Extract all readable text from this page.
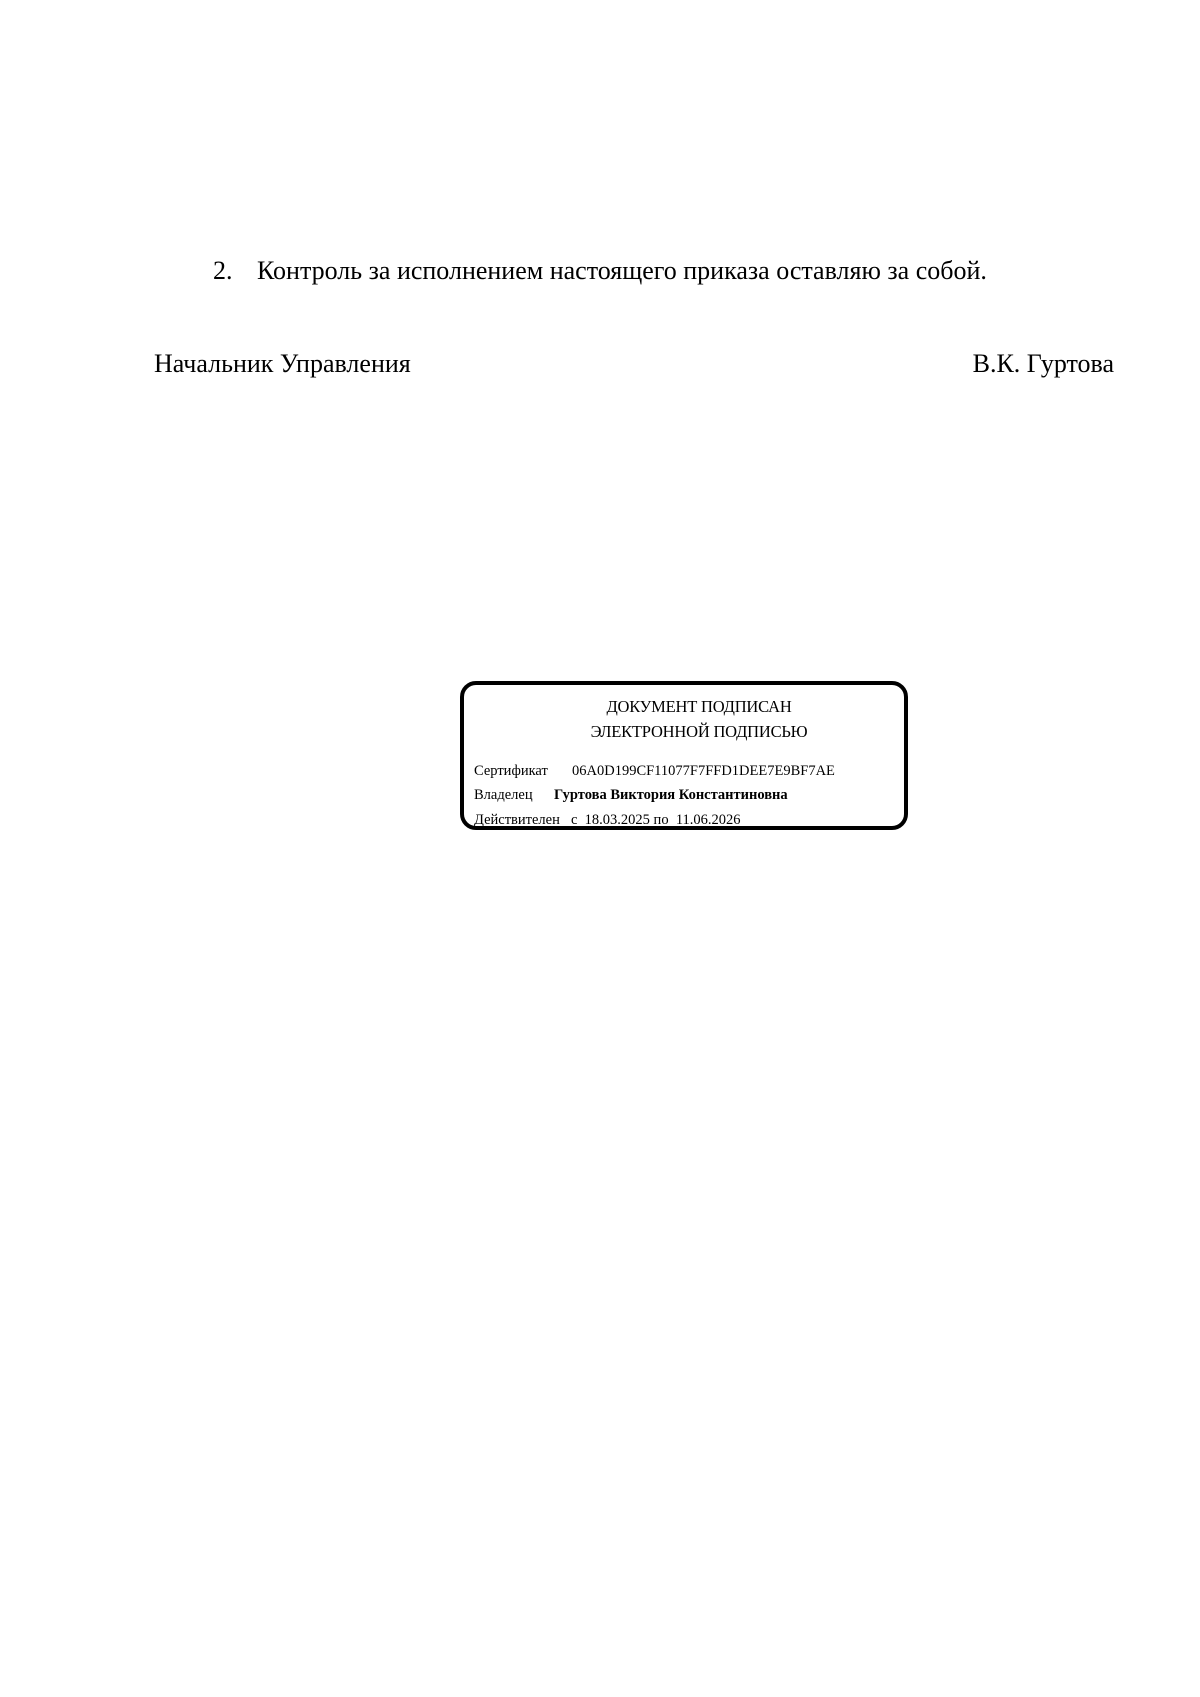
2. Контроль за исполнением настоящего приказа оставляю за собой.
Начальник Управления	В.К. Гуртова
ДОКУМЕНТ ПОДПИСАН
ЭЛЕКТРОННОЙ ПОДПИСЬЮ
Сертификат 06A0D199CF11077F7FFD1DEE7E9BF7AE
Владелец Гуртова Виктория Константиновна
Действителен с  18.03.2025 по  11.06.2026
